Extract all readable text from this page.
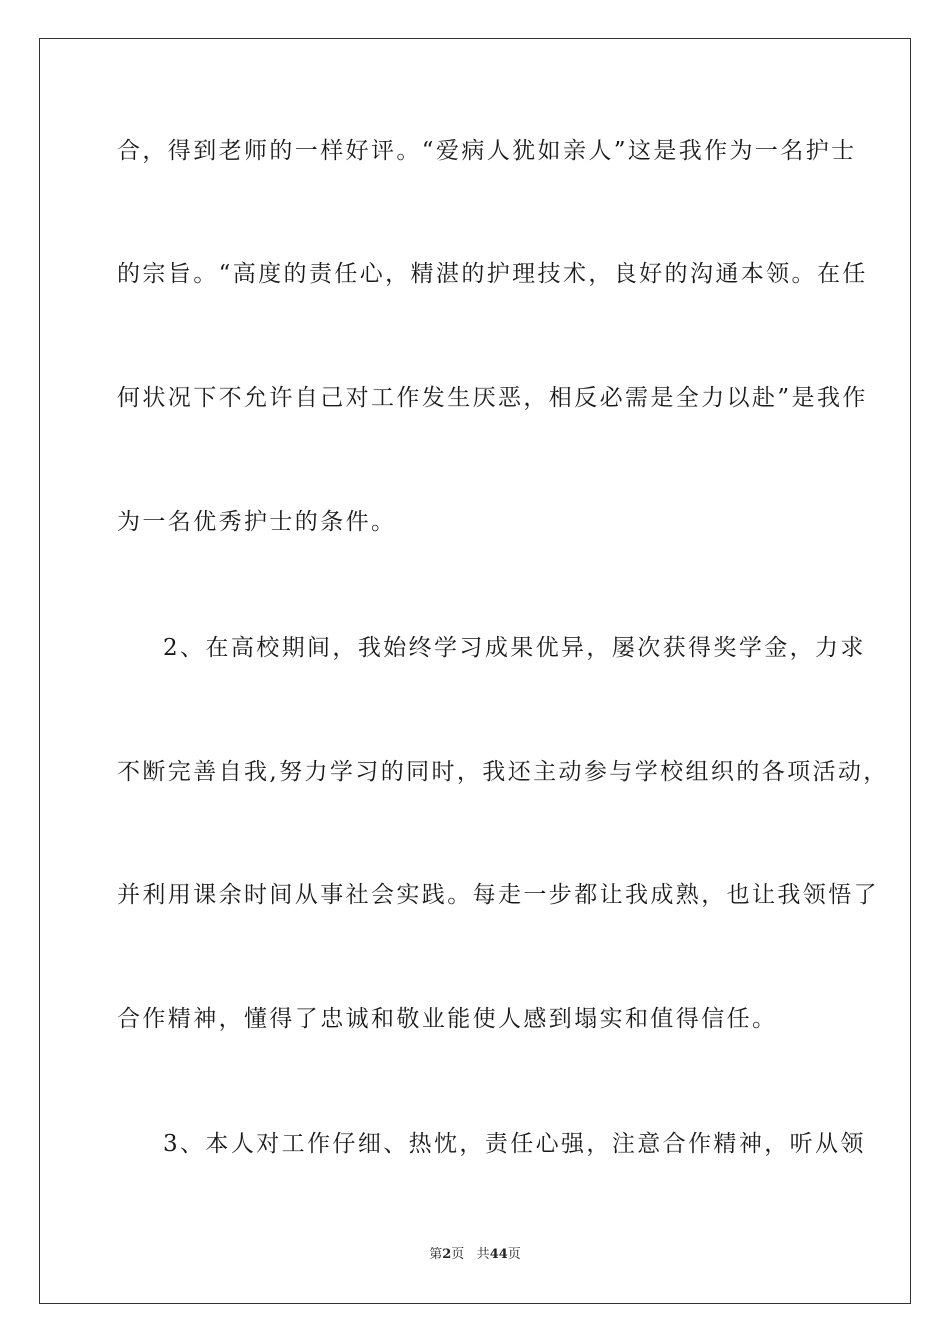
合，得到老师的一样好评。“爱病人犹如亲人”这是我作为一名护士
的宗旨。“高度的责任心，精湛的护理技术，良好的沟通本领。在任
何状况下不允许自己对工作发生厌恶，相反必需是全力以赴”是我作
为一名优秀护士的条件。
2、在高校期间，我始终学习成果优异，屡次获得奖学金，力求
不断完善自我,努力学习的同时，我还主动参与学校组织的各项活动，
并利用课余时间从事社会实践。每走一步都让我成熟，也让我领悟了
合作精神，懂得了忠诚和敬业能使人感到塌实和值得信任。
3、本人对工作仔细、热忱，责任心强，注意合作精神，听从领
第2页 共44页
